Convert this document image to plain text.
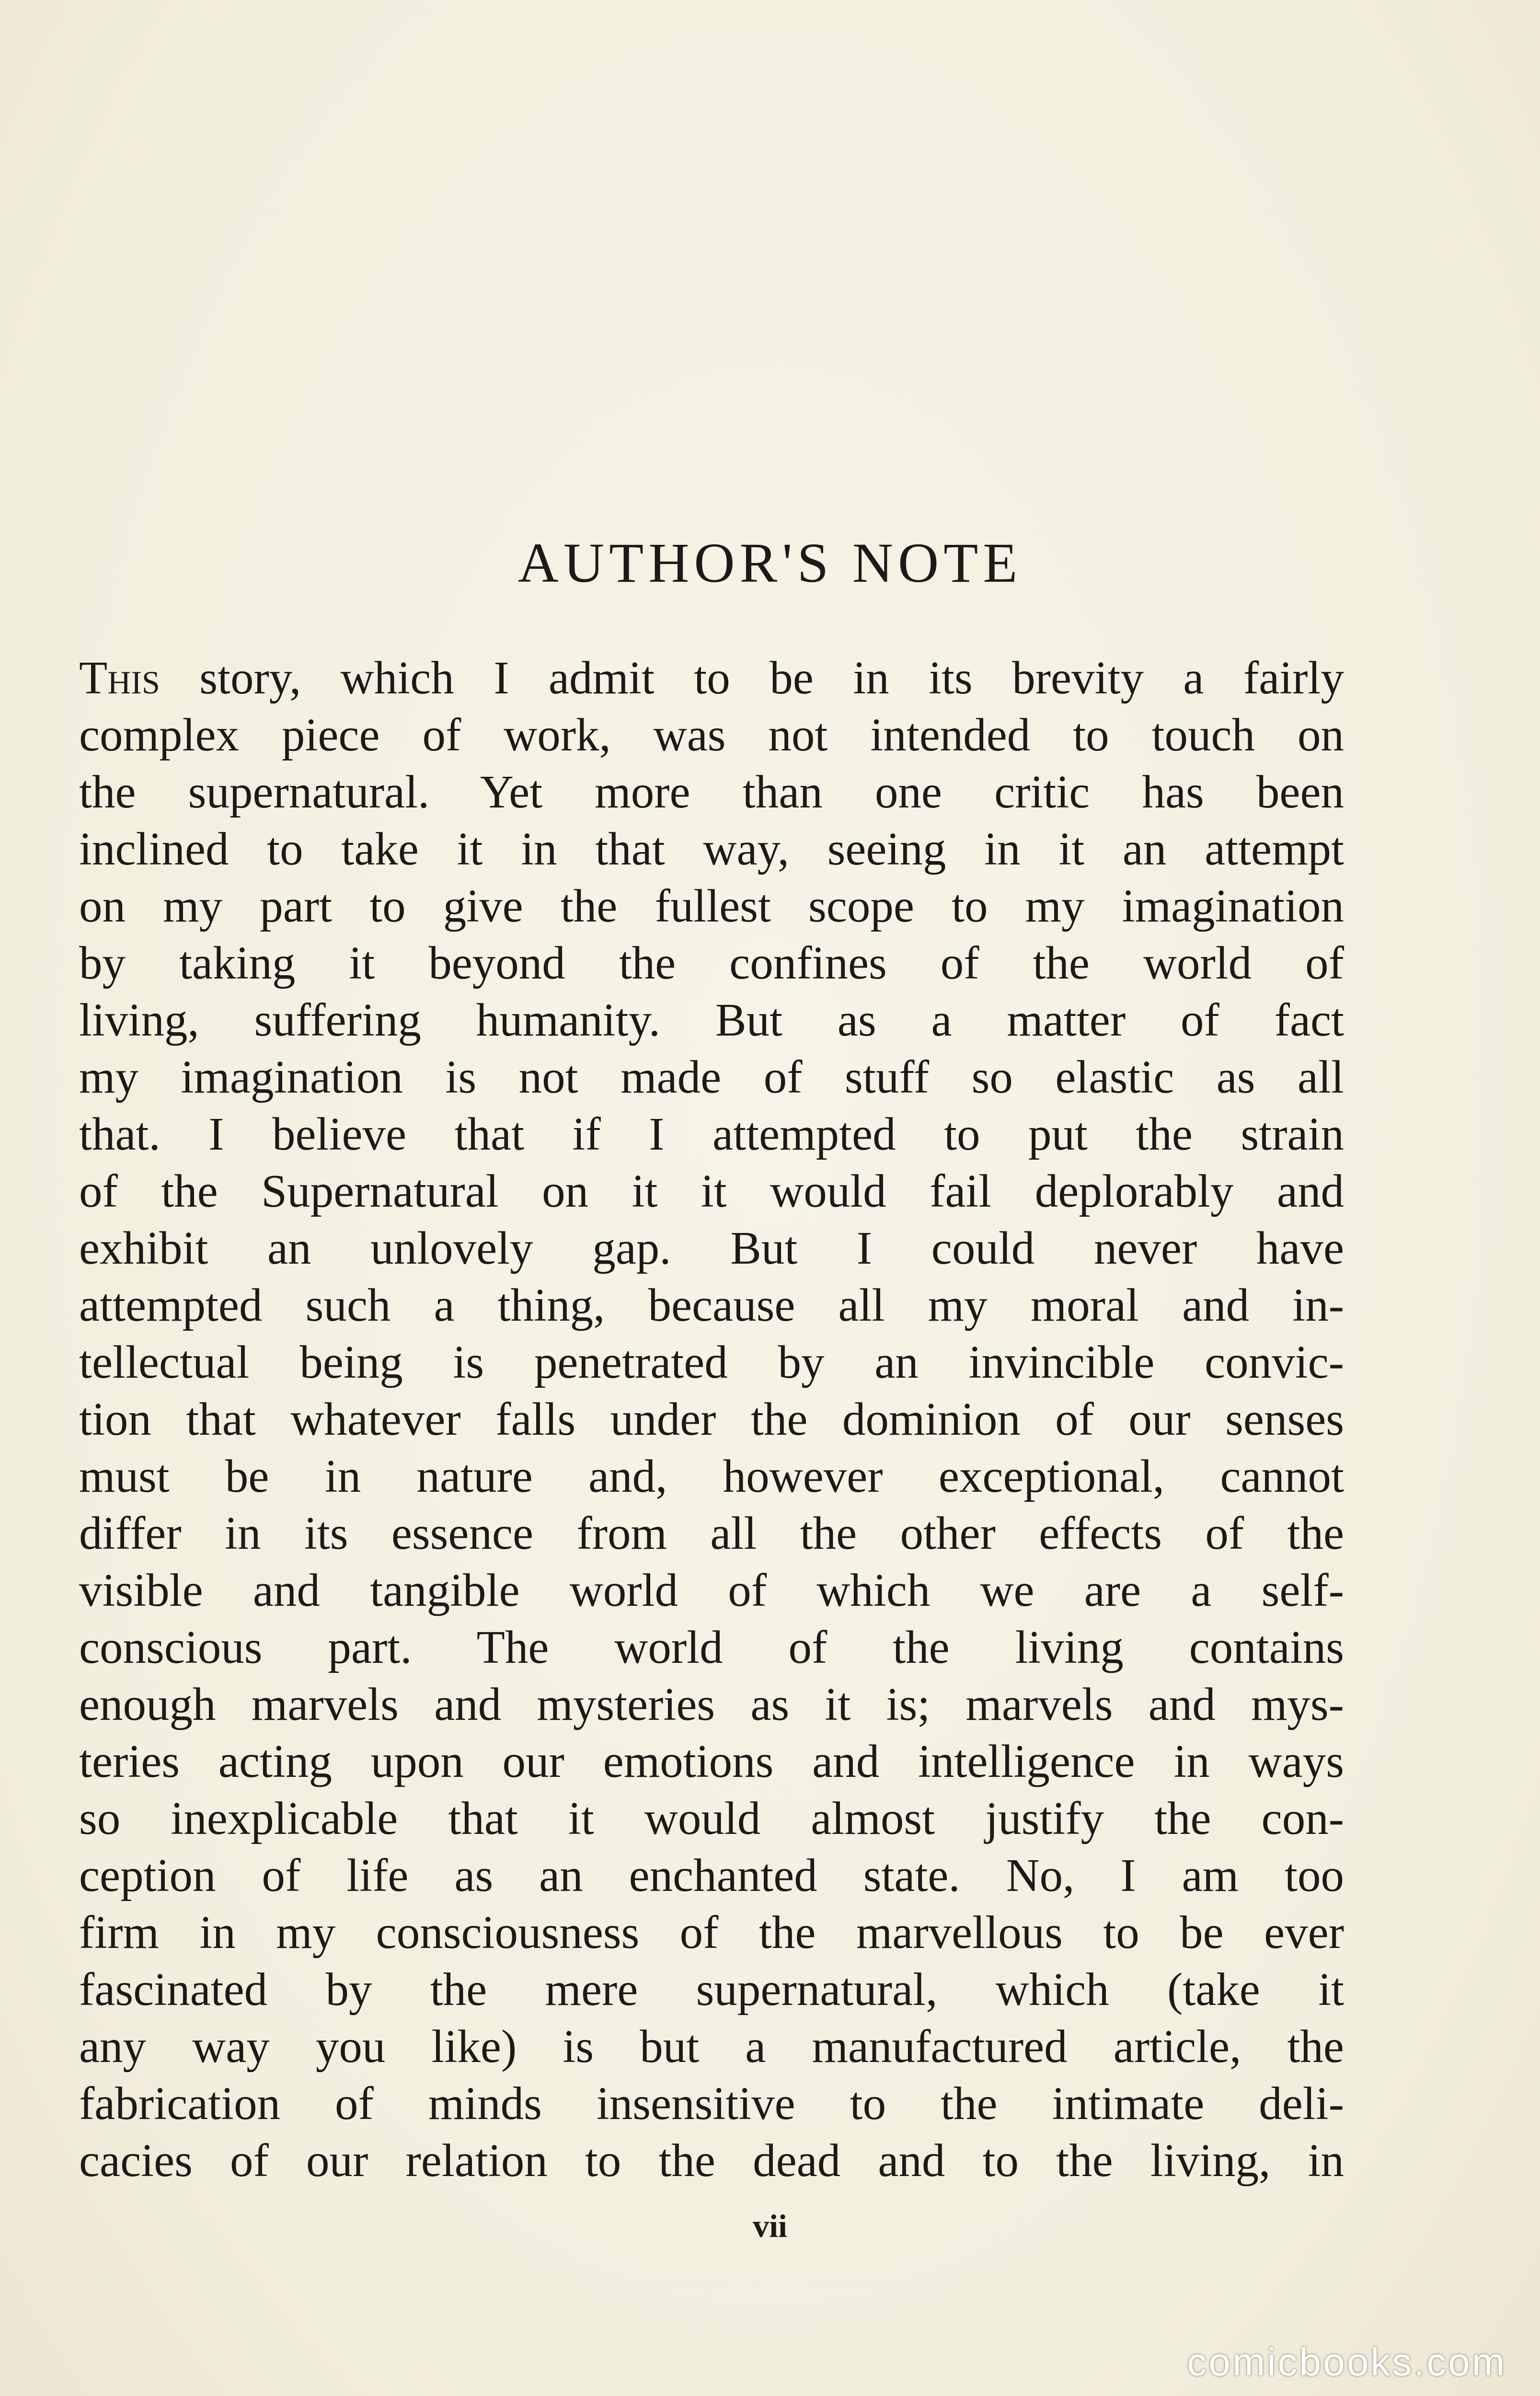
AUTHOR'S NOTE
This story, which I admit to be in its brevity a fairly
complex piece of work, was not intended to touch on
the supernatural. Yet more than one critic has been
inclined to take it in that way, seeing in it an attempt
on my part to give the fullest scope to my imagination
by taking it beyond the confines of the world of
living, suffering humanity. But as a matter of fact
my imagination is not made of stuff so elastic as all
that. I believe that if I attempted to put the strain
of the Supernatural on it it would fail deplorably and
exhibit an unlovely gap. But I could never have
attempted such a thing, because all my moral and in-
tellectual being is penetrated by an invincible convic-
tion that whatever falls under the dominion of our senses
must be in nature and, however exceptional, cannot
differ in its essence from all the other effects of the
visible and tangible world of which we are a self-
conscious part. The world of the living contains
enough marvels and mysteries as it is; marvels and mys-
teries acting upon our emotions and intelligence in ways
so inexplicable that it would almost justify the con-
ception of life as an enchanted state. No, I am too
firm in my consciousness of the marvellous to be ever
fascinated by the mere supernatural, which (take it
any way you like) is but a manufactured article, the
fabrication of minds insensitive to the intimate deli-
cacies of our relation to the dead and to the living, in
vii
comicbooks.com
